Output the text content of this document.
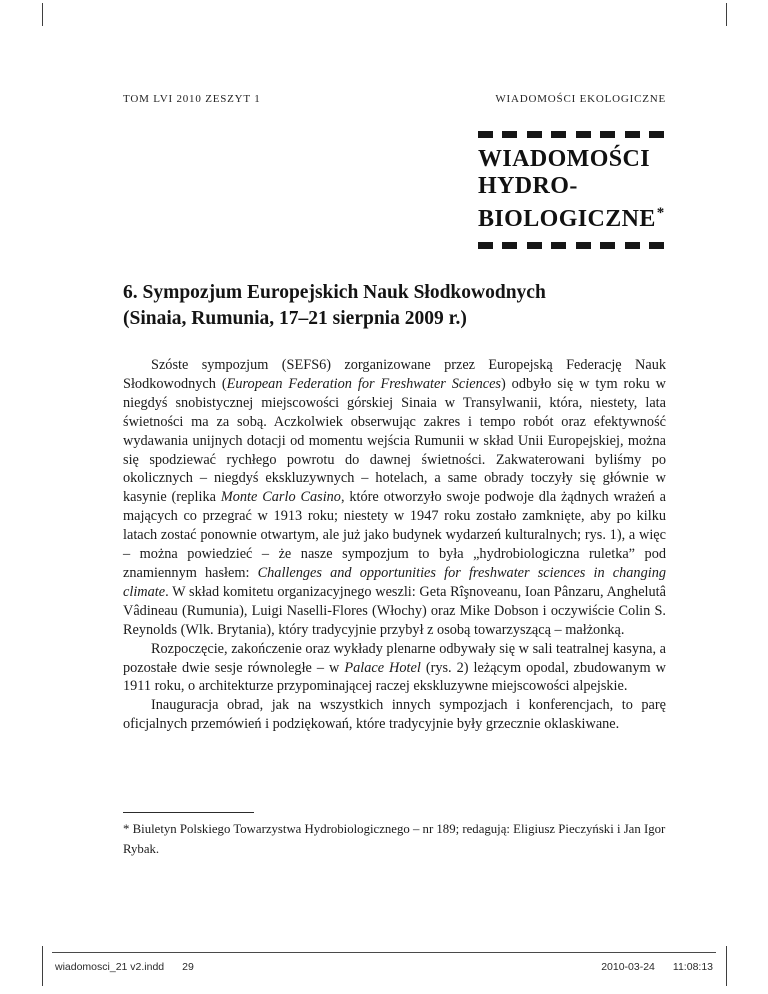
TOM LVI 2010 ZESZYT 1	WIADOMOŚCI EKOLOGICZNE
WIADOMOŚCI
HYDRO-
BIOLOGICZNE*
6. Sympozjum Europejskich Nauk Słodkowodnych
(Sinaia, Rumunia, 17–21 sierpnia 2009 r.)

Szóste sympozjum (SEFS6) zorganizowane przez Europejską Federację Nauk Słodkowodnych (European Federation for Freshwater Sciences) odbyło się w tym roku w niegdyś snobistycznej miejscowości górskiej Sinaia w Transylwanii, która, niestety, lata świetności ma za sobą. Aczkolwiek obserwując zakres i tempo robót oraz efektywność wydawania unijnych dotacji od momentu wejścia Rumunii w skład Unii Europejskiej, można się spodziewać rychłego powrotu do dawnej świetności. Zakwaterowani byliśmy po okolicznych – niegdyś ekskluzywnych – hotelach, a same obrady toczyły się głównie w kasynie (replika Monte Carlo Casino, które otworzyło swoje podwoje dla żądnych wrażeń a mających co przegrać w 1913 roku; niestety w 1947 roku zostało zamknięte, aby po kilku latach zostać ponownie otwartym, ale już jako budynek wydarzeń kulturalnych; rys. 1), a więc – można powiedzieć – że nasze sympozjum to była „hydrobiologiczna ruletka” pod znamiennym hasłem: Challenges and opportunities for freshwater sciences in changing climate. W skład komitetu organizacyjnego weszli: Geta Rîşnoveanu, Ioan Pânzaru, Anghelutâ Vâdineau (Rumunia), Luigi Naselli-Flores (Włochy) oraz Mike Dobson i oczywiście Colin S. Reynolds (Wlk. Brytania), który tradycyjnie przybył z osobą towarzyszącą – małżonką.

Rozpoczęcie, zakończenie oraz wykłady plenarne odbywały się w sali teatralnej kasyna, a pozostałe dwie sesje równoległe – w Palace Hotel (rys. 2) leżącym opodal, zbudowanym w 1911 roku, o architekturze przypominającej raczej ekskluzywne miejscowości alpejskie.

Inauguracja obrad, jak na wszystkich innych sympozjach i konferencjach, to parę oficjalnych przemówień i podziękowań, które tradycyjnie były grzecznie oklaskiwane.

* Biuletyn Polskiego Towarzystwa Hydrobiologicznego – nr 189; redagują: Eligiusz Pieczyński i Jan Igor Rybak.
wiadomosci_21 v2.indd 29	2010-03-24 11:08:13
